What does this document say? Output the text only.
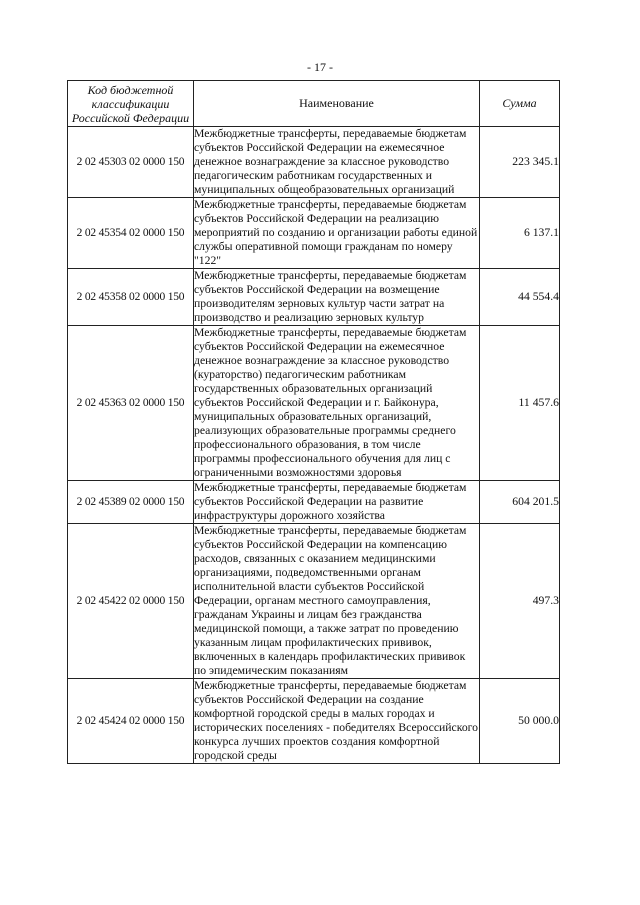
- 17 -
Код бюджетной классификации Российской Федерации	Наименование	Сумма
2 02 45303 02 0000 150	Межбюджетные трансферты, передаваемые бюджетам субъектов Российской Федерации на ежемесячное денежное вознаграждение за классное руководство педагогическим работникам государственных и муниципальных общеобразовательных организаций	223 345.1
2 02 45354 02 0000 150	Межбюджетные трансферты, передаваемые бюджетам субъектов Российской Федерации на реализацию мероприятий по созданию и организации работы единой службы оперативной помощи гражданам по номеру "122"	6 137.1
2 02 45358 02 0000 150	Межбюджетные трансферты, передаваемые бюджетам субъектов Российской Федерации на возмещение производителям зерновых культур части затрат на производство и реализацию зерновых культур	44 554.4
2 02 45363 02 0000 150	Межбюджетные трансферты, передаваемые бюджетам субъектов Российской Федерации на ежемесячное денежное вознаграждение за классное руководство (кураторство) педагогическим работникам государственных образовательных организаций субъектов Российской Федерации и г. Байконура, муниципальных образовательных организаций, реализующих образовательные программы среднего профессионального образования, в том числе программы профессионального обучения для лиц с ограниченными возможностями здоровья	11 457.6
2 02 45389 02 0000 150	Межбюджетные трансферты, передаваемые бюджетам субъектов Российской Федерации на развитие инфраструктуры дорожного хозяйства	604 201.5
2 02 45422 02 0000 150	Межбюджетные трансферты, передаваемые бюджетам субъектов Российской Федерации на компенсацию расходов, связанных с оказанием медицинскими организациями, подведомственными органам исполнительной власти субъектов Российской Федерации, органам местного самоуправления, гражданам Украины и лицам без гражданства медицинской помощи, а также затрат по проведению указанным лицам профилактических прививок, включенных в календарь профилактических прививок по эпидемическим показаниям	497.3
2 02 45424 02 0000 150	Межбюджетные трансферты, передаваемые бюджетам субъектов Российской Федерации на создание комфортной городской среды в малых городах и исторических поселениях - победителях Всероссийского конкурса лучших проектов создания комфортной городской среды	50 000.0
